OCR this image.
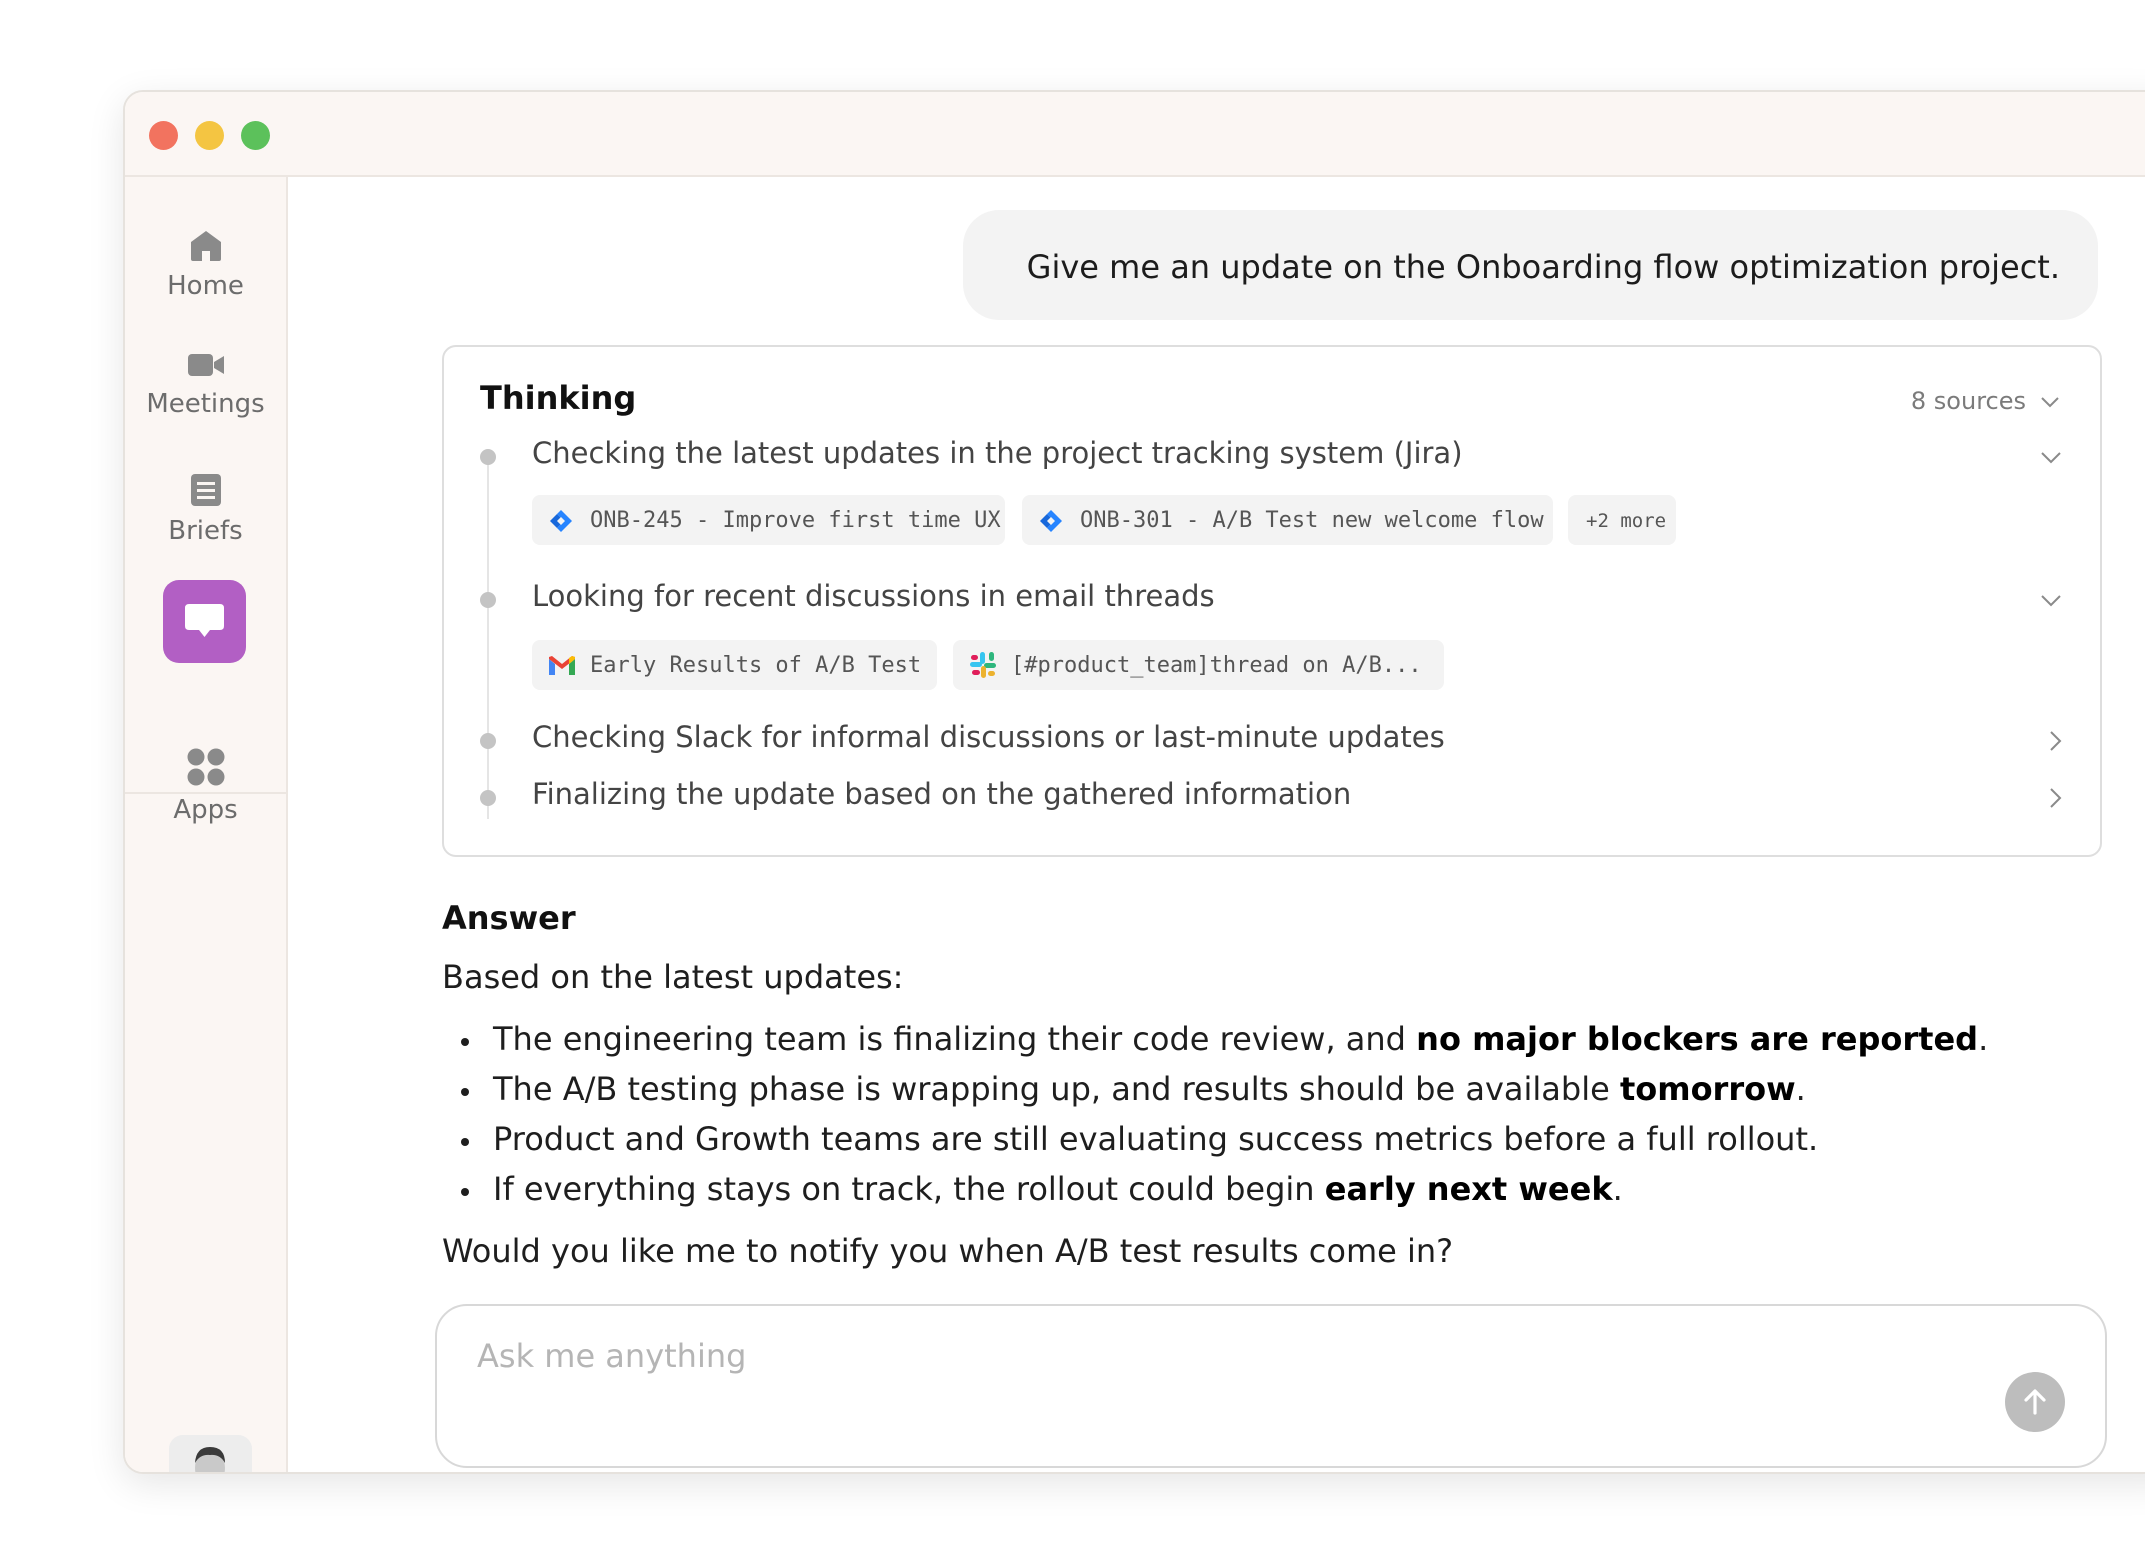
Home
Meetings
Briefs
Apps
Give me an update on the Onboarding flow optimization project.
Thinking	8 sources
Checking the latest updates in the project tracking system (Jira)
ONB-245 - Improve first time UX	ONB-301 - A/B Test new welcome flow +2 more
Looking for recent discussions in email threads
Early Results of A/B Test	[#product_team]thread on A/B...
Checking Slack for informal discussions or last-minute updates
Finalizing the update based on the gathered information
Answer
Based on the latest updates:
The engineering team is finalizing their code review, and no major blockers are reported.
The A/B testing phase is wrapping up, and results should be available tomorrow.
Product and Growth teams are still evaluating success metrics before a full rollout.
If everything stays on track, the rollout could begin early next week.
Would you like me to notify you when A/B test results come in?
Ask me anything
